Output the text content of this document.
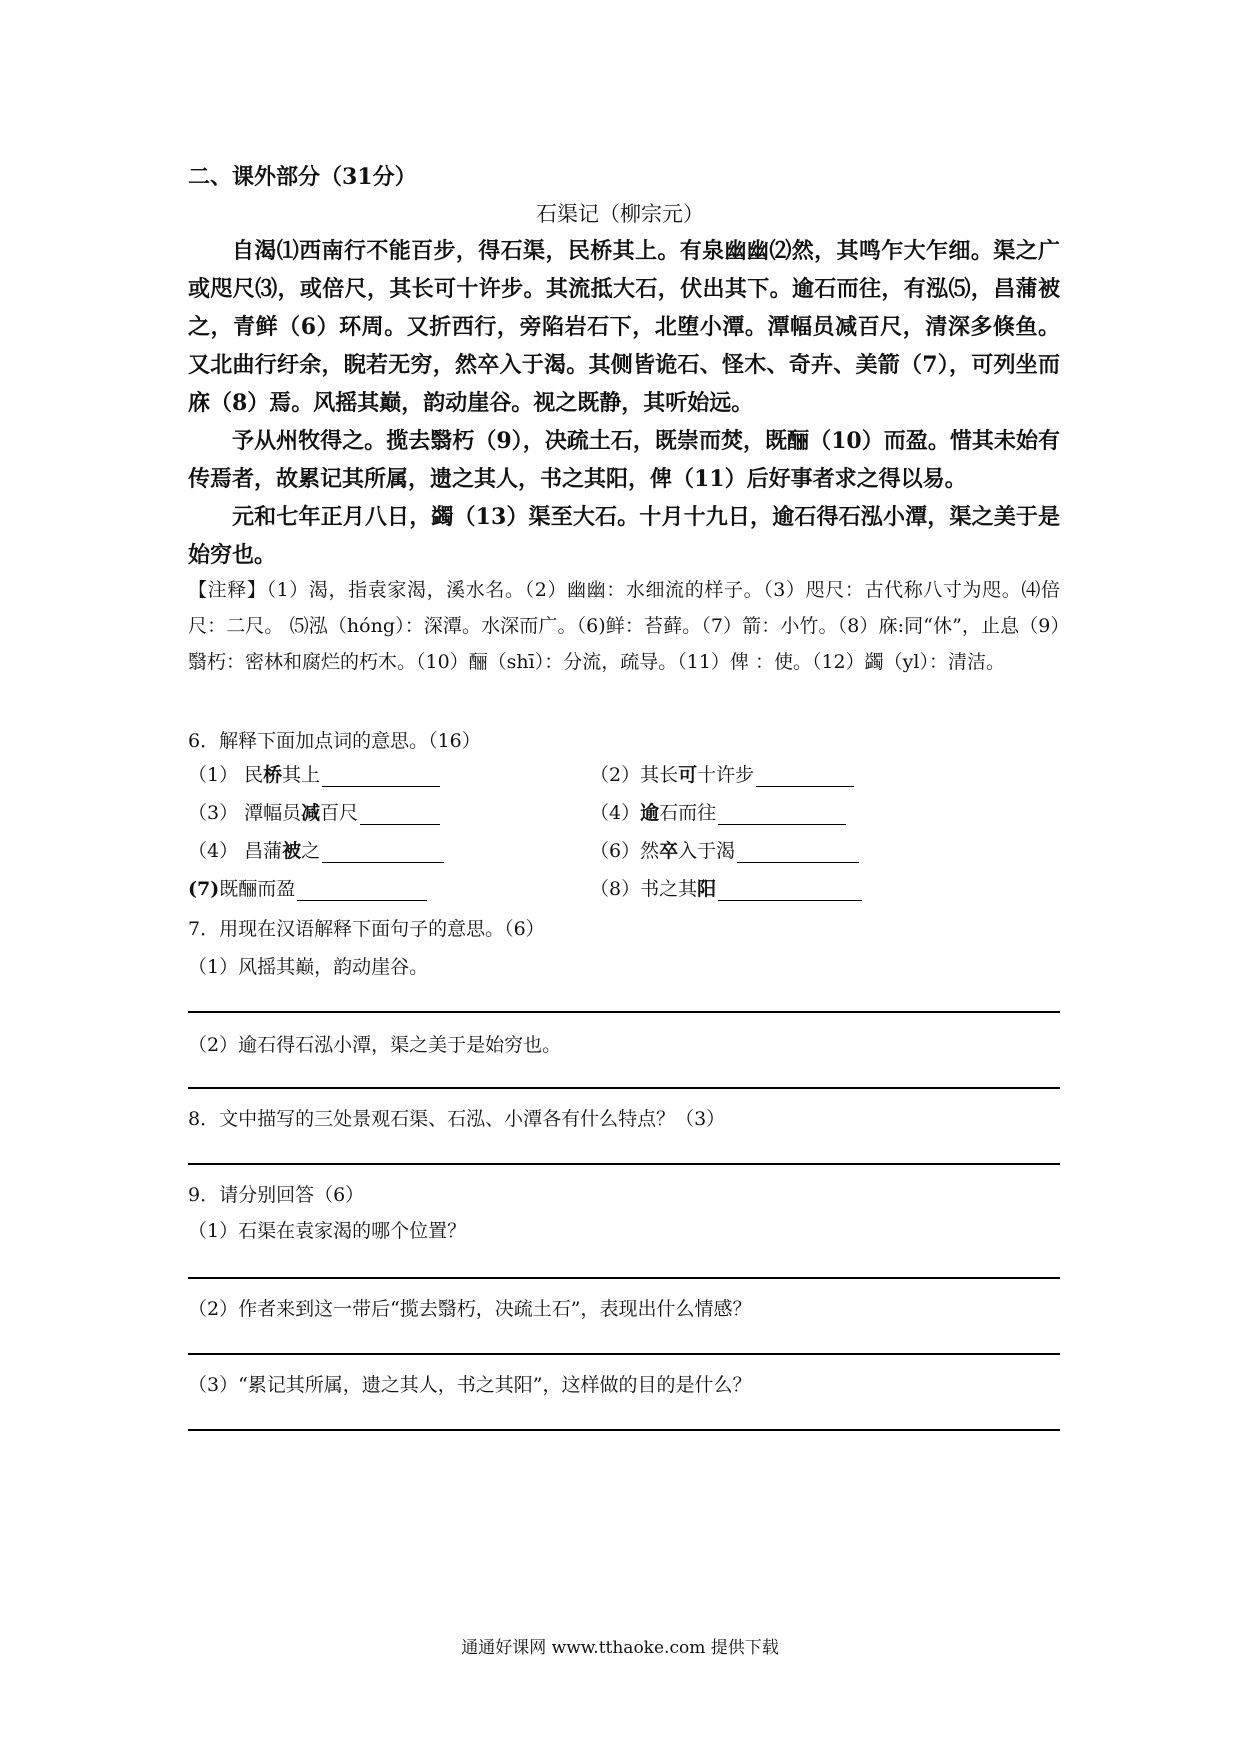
二、课外部分（31分）
石渠记（柳宗元）

自渴⑴西南行不能百步，得石渠，民桥其上。有泉幽幽⑵然，其鸣乍大乍细。渠之广或咫尺⑶，或倍尺，其长可十许步。其流抵大石，伏出其下。逾石而往，有泓⑸，昌蒲被之，青鲜（6）环周。又折西行，旁陷岩石下，北堕小潭。潭幅员减百尺，清深多倏鱼。又北曲行纡余，睨若无穷，然卒入于渴。其侧皆诡石、怪木、奇卉、美箭（7），可列坐而庥（8）焉。风摇其巅，韵动崖谷。视之既静，其听始远。

予从州牧得之。揽去翳朽（9），决疏土石，既崇而焚，既酾（10）而盈。惜其未始有传焉者，故累记其所属，遗之其人，书之其阳，俾（11）后好事者求之得以易。

元和七年正月八日，蠲（13）渠至大石。十月十九日，逾石得石泓小潭，渠之美于是始穷也。

【注释】（1）渴，指袁家渴，溪水名。（2）幽幽：水细流的样子。（3）咫尺：古代称八寸为咫。⑷倍尺：二尺。 ⑸泓（hóng）：深潭。水深而广。（6)鲜：苔藓。（7）箭：小竹。（8）庥:同“休”，止息（9）翳朽：密林和腐烂的朽木。（10）酾（shī）：分流，疏导。（11）俾 ：使。（12）蠲（yl）：清洁。
6．解释下面加点词的意思。（16）
（1） 民桥其上	（2）其长可十许步
（3） 潭幅员减百尺	（4）逾石而往
（4） 昌蒲被之	（6）然卒入于渴
(7)既酾而盈	（8）书之其阳
7．用现在汉语解释下面句子的意思。（6）
（1）风摇其巅，韵动崖谷。
（2）逾石得石泓小潭，渠之美于是始穷也。
8．文中描写的三处景观石渠、石泓、小潭各有什么特点？（3）
9．请分别回答（6）
（1）石渠在袁家渴的哪个位置？
（2）作者来到这一带后“揽去翳朽，决疏土石”，表现出什么情感？
（3）“累记其所属，遗之其人，书之其阳”，这样做的目的是什么？
通通好课网 www.tthaoke.com 提供下载
